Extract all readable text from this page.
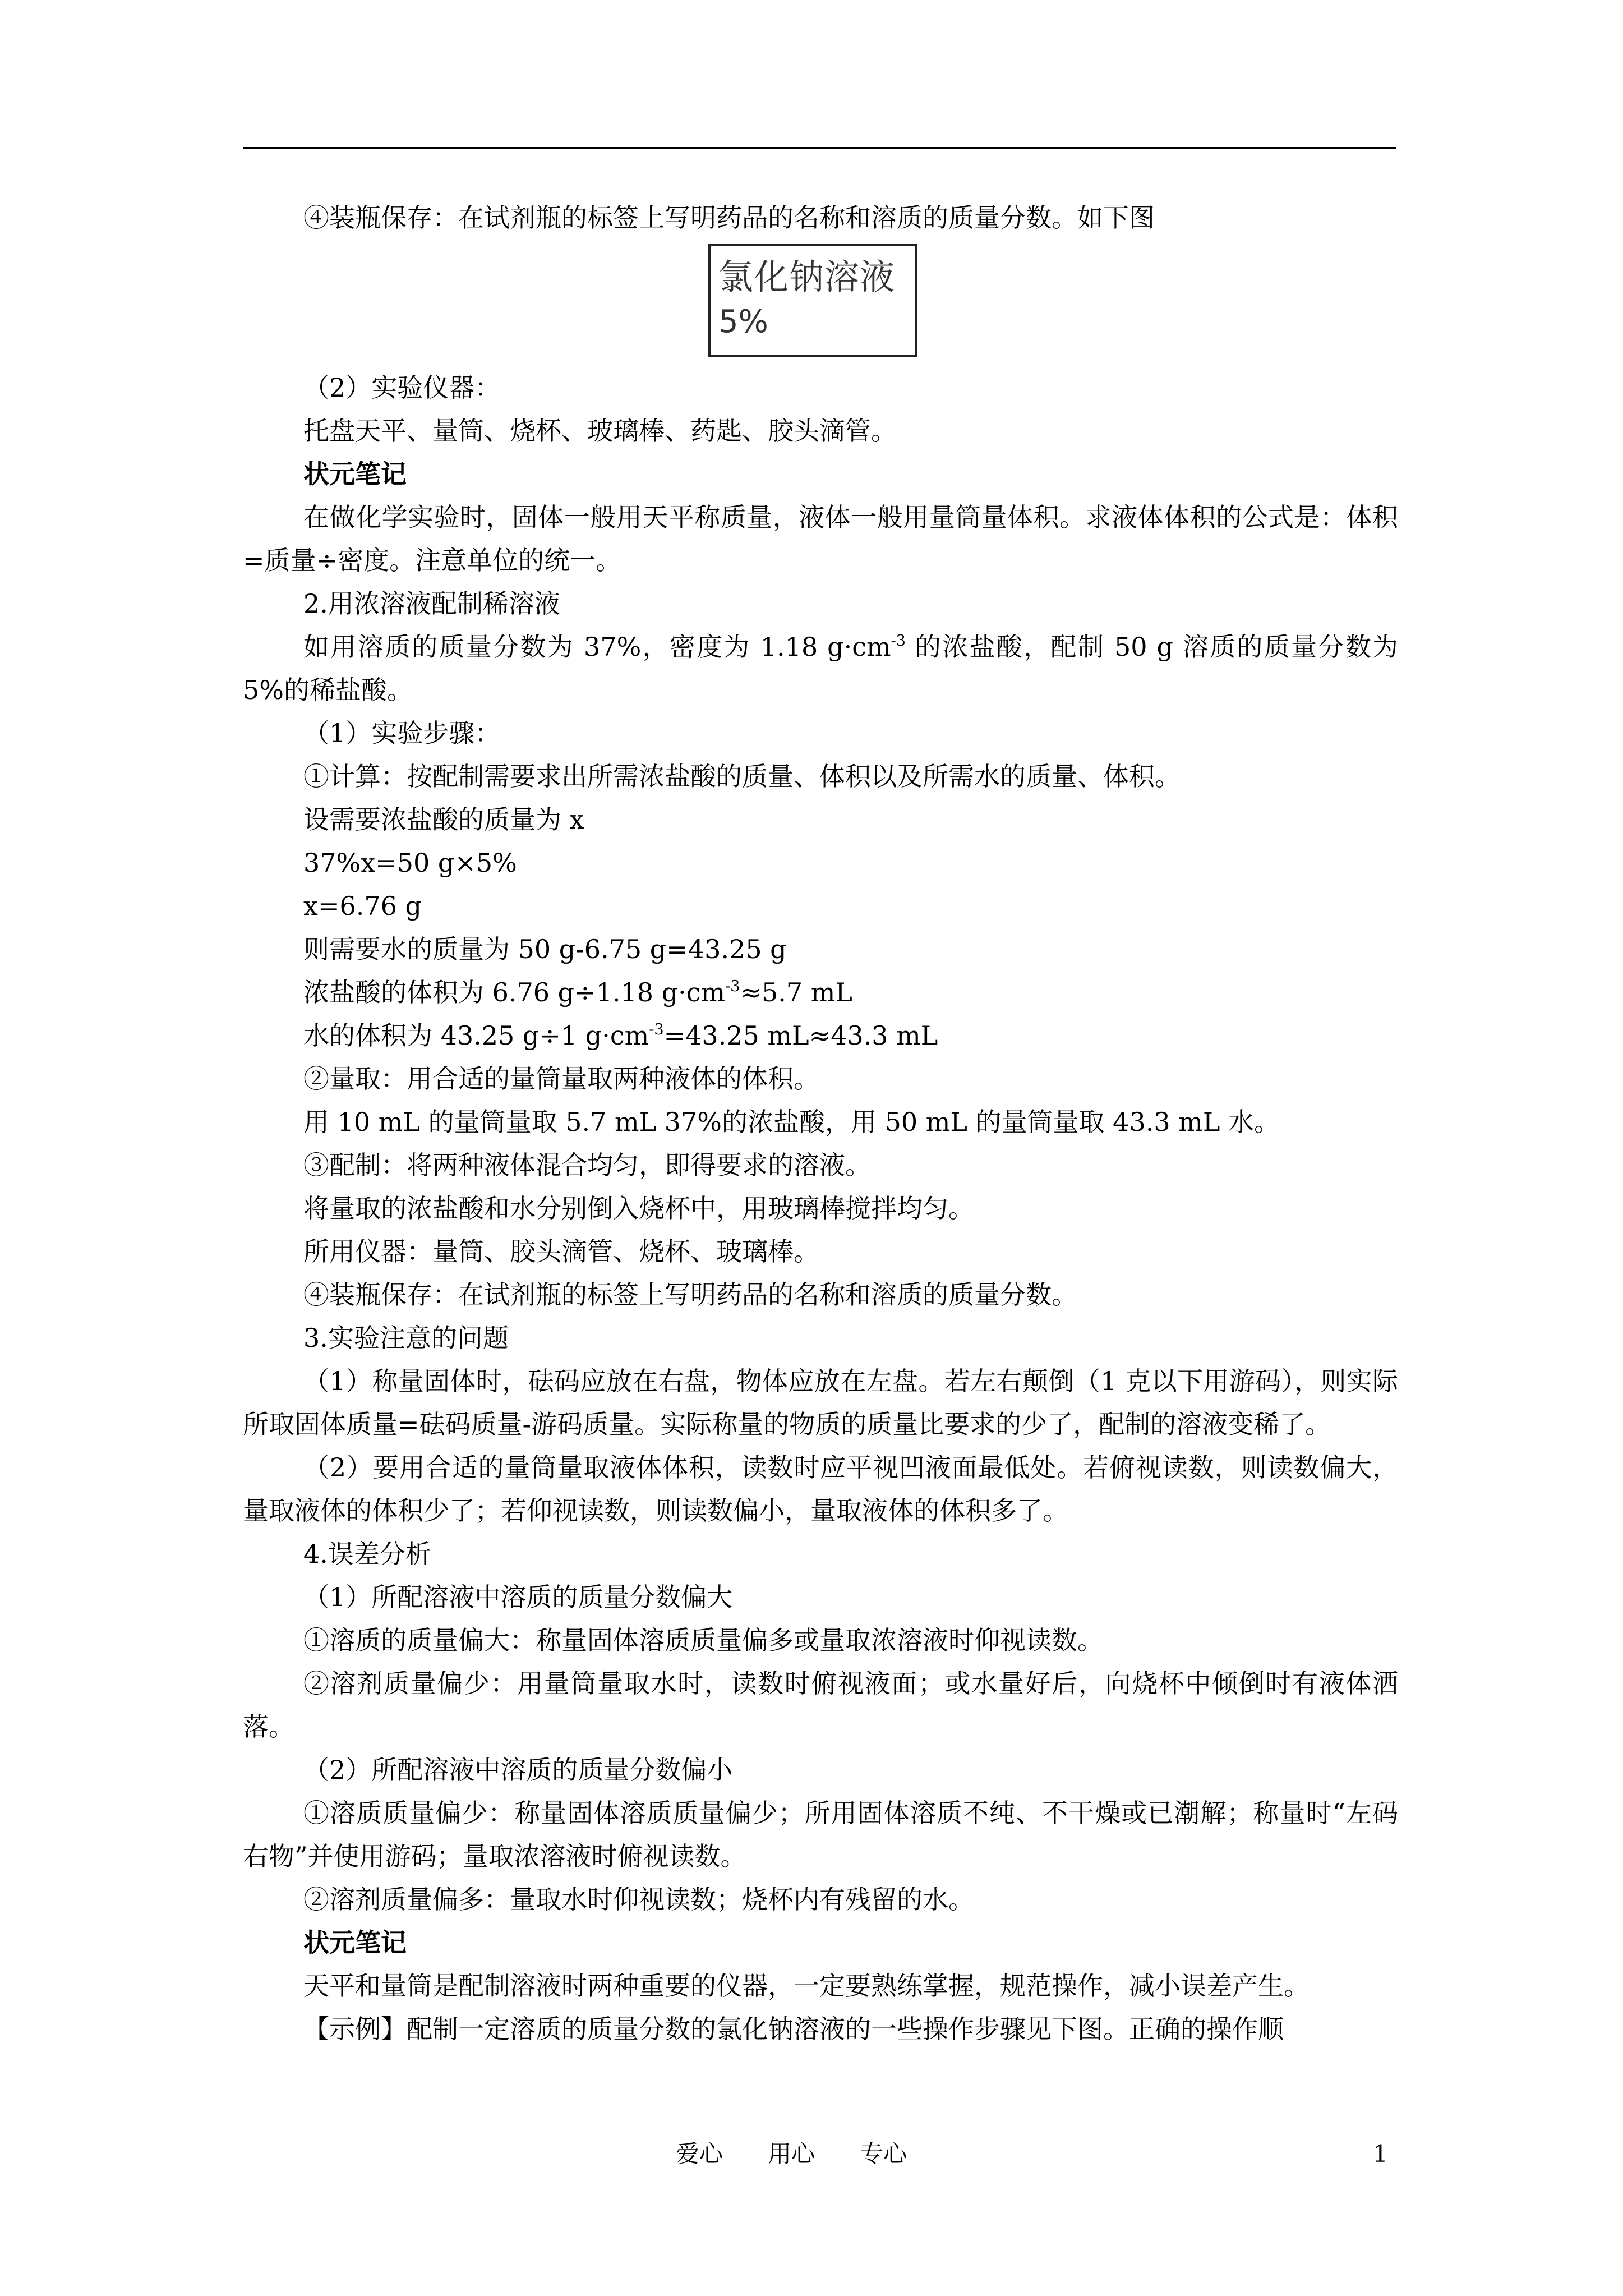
④装瓶保存：在试剂瓶的标签上写明药品的名称和溶质的质量分数。如下图

氯化钠溶液
5%

（2）实验仪器：

托盘天平、量筒、烧杯、玻璃棒、药匙、胶头滴管。

状元笔记

在做化学实验时，固体一般用天平称质量，液体一般用量筒量体积。求液体体积的公式是：体积=质量÷密度。注意单位的统一。

2.用浓溶液配制稀溶液

如用溶质的质量分数为 37%，密度为 1.18 $g\cdot cm^{-3}$ 的浓盐酸，配制 50 g 溶质的质量分数为 5%的稀盐酸。

（1）实验步骤：

①计算：按配制需要求出所需浓盐酸的质量、体积以及所需水的质量、体积。

设需要浓盐酸的质量为 x

37%x=50 g×5%

x=6.76 g

则需要水的质量为 50 g-6.75 g=43.25 g

浓盐酸的体积为 6.76 g÷1.18 $g\cdot cm^{-3}\approx 5.7$ mL

水的体积为 43.25 g÷1 $g\cdot cm^{-3}=43.25$ mL≈43.3 mL

②量取：用合适的量筒量取两种液体的体积。

用 10 mL 的量筒量取 5.7 mL 37%的浓盐酸，用 50 mL 的量筒量取 43.3 mL 水。

③配制：将两种液体混合均匀，即得要求的溶液。

将量取的浓盐酸和水分别倒入烧杯中，用玻璃棒搅拌均匀。

所用仪器：量筒、胶头滴管、烧杯、玻璃棒。

④装瓶保存：在试剂瓶的标签上写明药品的名称和溶质的质量分数。

3.实验注意的问题

（1）称量固体时，砝码应放在右盘，物体应放在左盘。若左右颠倒（1 克以下用游码），则实际所取固体质量=砝码质量-游码质量。实际称量的物质的质量比要求的少了，配制的溶液变稀了。

（2）要用合适的量筒量取液体体积，读数时应平视凹液面最低处。若俯视读数，则读数偏大，量取液体的体积少了；若仰视读数，则读数偏小，量取液体的体积多了。

4.误差分析

（1）所配溶液中溶质的质量分数偏大

①溶质的质量偏大：称量固体溶质质量偏多或量取浓溶液时仰视读数。

②溶剂质量偏少：用量筒量取水时，读数时俯视液面；或水量好后，向烧杯中倾倒时有液体洒落。

（2）所配溶液中溶质的质量分数偏小

①溶质质量偏少：称量固体溶质质量偏少；所用固体溶质不纯、不干燥或已潮解；称量时“左码右物”并使用游码；量取浓溶液时俯视读数。

②溶剂质量偏多：量取水时仰视读数；烧杯内有残留的水。

状元笔记

天平和量筒是配制溶液时两种重要的仪器，一定要熟练掌握，规范操作，减小误差产生。

【示例】配制一定溶质的质量分数的氯化钠溶液的一些操作步骤见下图。正确的操作顺

爱心      用心      专心	1
